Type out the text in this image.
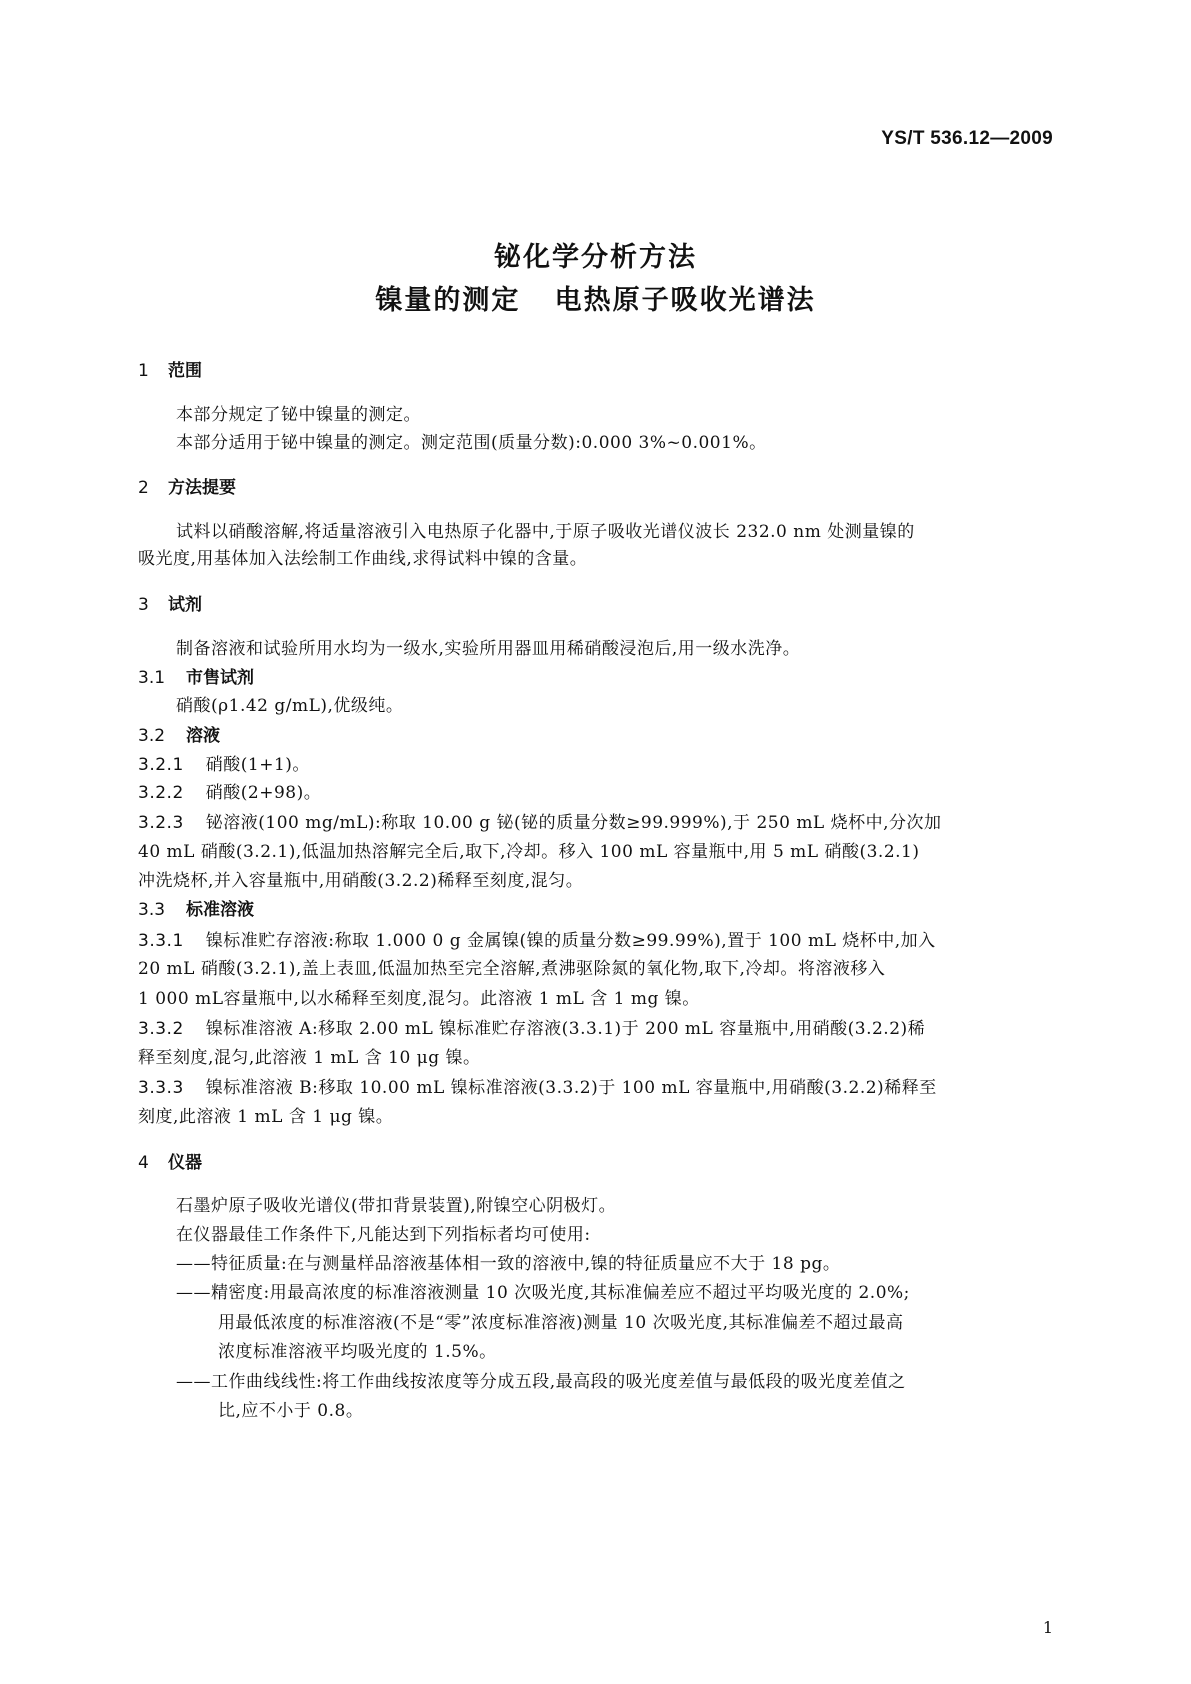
YS/T 536.12—2009
铋化学分析方法
镍量的测定   电热原子吸收光谱法
1 范围
本部分规定了铋中镍量的测定。
本部分适用于铋中镍量的测定。测定范围(质量分数):0.000 3%~0.001%。
2 方法提要
试料以硝酸溶解,将适量溶液引入电热原子化器中,于原子吸收光谱仪波长 232.0 nm 处测量镍的
吸光度,用基体加入法绘制工作曲线,求得试料中镍的含量。
3 试剂
制备溶液和试验所用水均为一级水,实验所用器皿用稀硝酸浸泡后,用一级水洗净。
3.1 市售试剂
硝酸(ρ1.42 g/mL),优级纯。
3.2 溶液
3.2.1 硝酸(1+1)。
3.2.2 硝酸(2+98)。
3.2.3 铋溶液(100 mg/mL):称取 10.00 g 铋(铋的质量分数≥99.999%),于 250 mL 烧杯中,分次加
40 mL 硝酸(3.2.1),低温加热溶解完全后,取下,冷却。移入 100 mL 容量瓶中,用 5 mL 硝酸(3.2.1)
冲洗烧杯,并入容量瓶中,用硝酸(3.2.2)稀释至刻度,混匀。
3.3 标准溶液
3.3.1 镍标准贮存溶液:称取 1.000 0 g 金属镍(镍的质量分数≥99.99%),置于 100 mL 烧杯中,加入
20 mL 硝酸(3.2.1),盖上表皿,低温加热至完全溶解,煮沸驱除氮的氧化物,取下,冷却。将溶液移入
1 000 mL容量瓶中,以水稀释至刻度,混匀。此溶液 1 mL 含 1 mg 镍。
3.3.2 镍标准溶液 A:移取 2.00 mL 镍标准贮存溶液(3.3.1)于 200 mL 容量瓶中,用硝酸(3.2.2)稀
释至刻度,混匀,此溶液 1 mL 含 10 μg 镍。
3.3.3 镍标准溶液 B:移取 10.00 mL 镍标准溶液(3.3.2)于 100 mL 容量瓶中,用硝酸(3.2.2)稀释至
刻度,此溶液 1 mL 含 1 μg 镍。
4 仪器
石墨炉原子吸收光谱仪(带扣背景装置),附镍空心阴极灯。
在仪器最佳工作条件下,凡能达到下列指标者均可使用:
——特征质量:在与测量样品溶液基体相一致的溶液中,镍的特征质量应不大于 18 pg。
——精密度:用最高浓度的标准溶液测量 10 次吸光度,其标准偏差应不超过平均吸光度的 2.0%;
用最低浓度的标准溶液(不是“零”浓度标准溶液)测量 10 次吸光度,其标准偏差不超过最高
浓度标准溶液平均吸光度的 1.5%。
——工作曲线线性:将工作曲线按浓度等分成五段,最高段的吸光度差值与最低段的吸光度差值之
比,应不小于 0.8。
1
